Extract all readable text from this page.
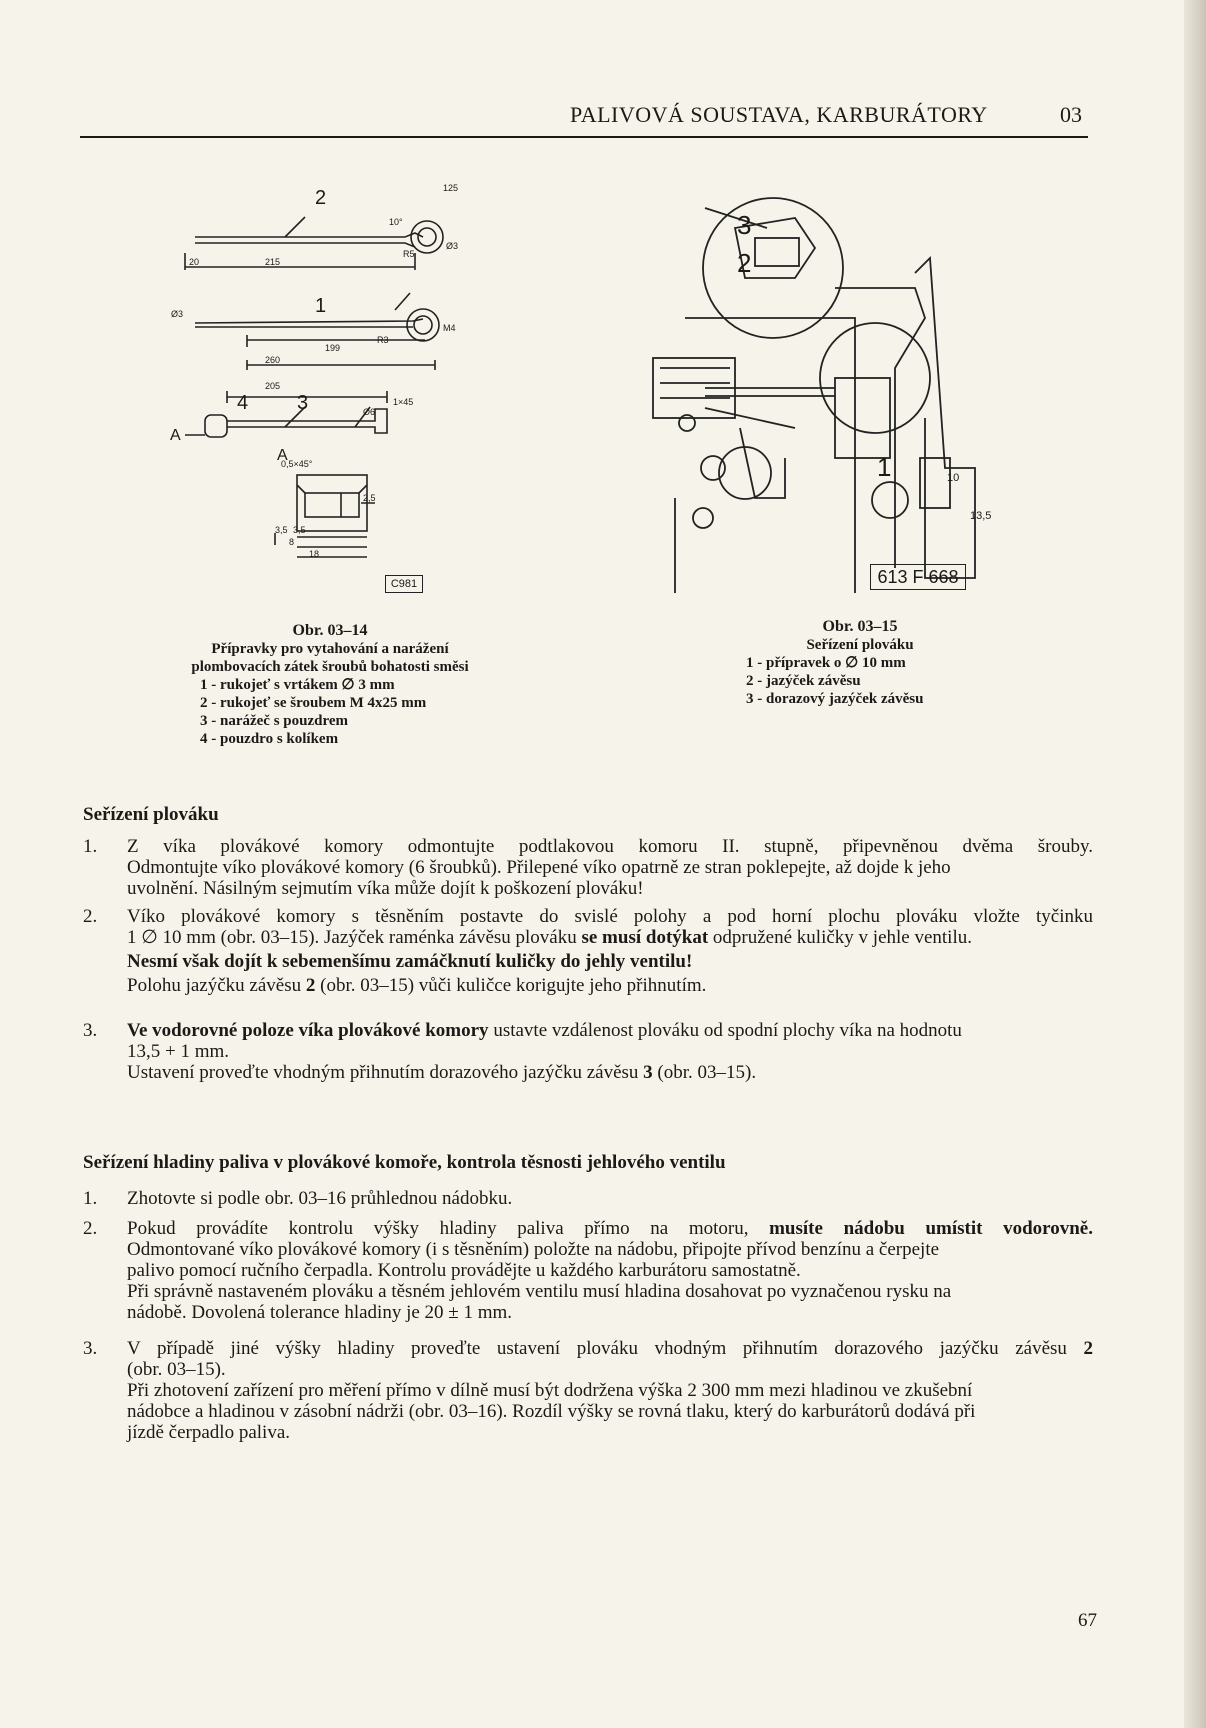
PALIVOVÁ SOUSTAVA, KARBURÁTORY	03
2
1
4 3
A
A
125
20	215
199
260
205
1×45
0,5×45°
3,5 3,5
8
18
2,5
R5
R3
10°
Ø3
M4
Ø6
Ø3
C981
Obr. 03–14
Přípravky pro vytahování a narážení
plombovacích zátek šroubů bohatosti směsi
1 - rukojeť s vrtákem ∅ 3 mm
2 - rukojeť se šroubem M 4x25 mm
3 - narážeč s pouzdrem
4 - pouzdro s kolíkem
3
2
1	10
13,5
613 F 668
Obr. 03–15
Seřízení plováku
1 - přípravek o ∅ 10 mm
2 - jazýček závěsu
3 - dorazový jazýček závěsu
Seřízení plováku
1. Z víka plovákové komory odmontujte podtlakovou komoru II. stupně, připevněnou dvěma šrouby.
Odmontujte víko plovákové komory (6 šroubků). Přilepené víko opatrně ze stran poklepejte, až dojde k jeho
uvolnění. Násilným sejmutím víka může dojít k poškození plováku!
2. Víko plovákové komory s těsněním postavte do svislé polohy a pod horní plochu plováku vložte tyčinku
1 ∅ 10 mm (obr. 03–15). Jazýček raménka závěsu plováku se musí dotýkat odpružené kuličky v jehle ventilu.
Nesmí však dojít k sebemenšímu zamáčknutí kuličky do jehly ventilu!
Polohu jazýčku závěsu 2 (obr. 03–15) vůči kuličce korigujte jeho přihnutím.
3. Ve vodorovné poloze víka plovákové komory ustavte vzdálenost plováku od spodní plochy víka na hodnotu
13,5 + 1 mm.
Ustavení proveďte vhodným přihnutím dorazového jazýčku závěsu 3 (obr. 03–15).
Seřízení hladiny paliva v plovákové komoře, kontrola těsnosti jehlového ventilu
1. Zhotovte si podle obr. 03–16 průhlednou nádobku.
2. Pokud provádíte kontrolu výšky hladiny paliva přímo na motoru, musíte nádobu umístit vodorovně.
Odmontované víko plovákové komory (i s těsněním) položte na nádobu, připojte přívod benzínu a čerpejte
palivo pomocí ručního čerpadla. Kontrolu provádějte u každého karburátoru samostatně.
Při správně nastaveném plováku a těsném jehlovém ventilu musí hladina dosahovat po vyznačenou rysku na
nádobě. Dovolená tolerance hladiny je 20 ± 1 mm.
3. V případě jiné výšky hladiny proveďte ustavení plováku vhodným přihnutím dorazového jazýčku závěsu 2
(obr. 03–15).
Při zhotovení zařízení pro měření přímo v dílně musí být dodržena výška 2 300 mm mezi hladinou ve zkušební
nádobce a hladinou v zásobní nádrži (obr. 03–16). Rozdíl výšky se rovná tlaku, který do karburátorů dodává při
jízdě čerpadlo paliva.
67
